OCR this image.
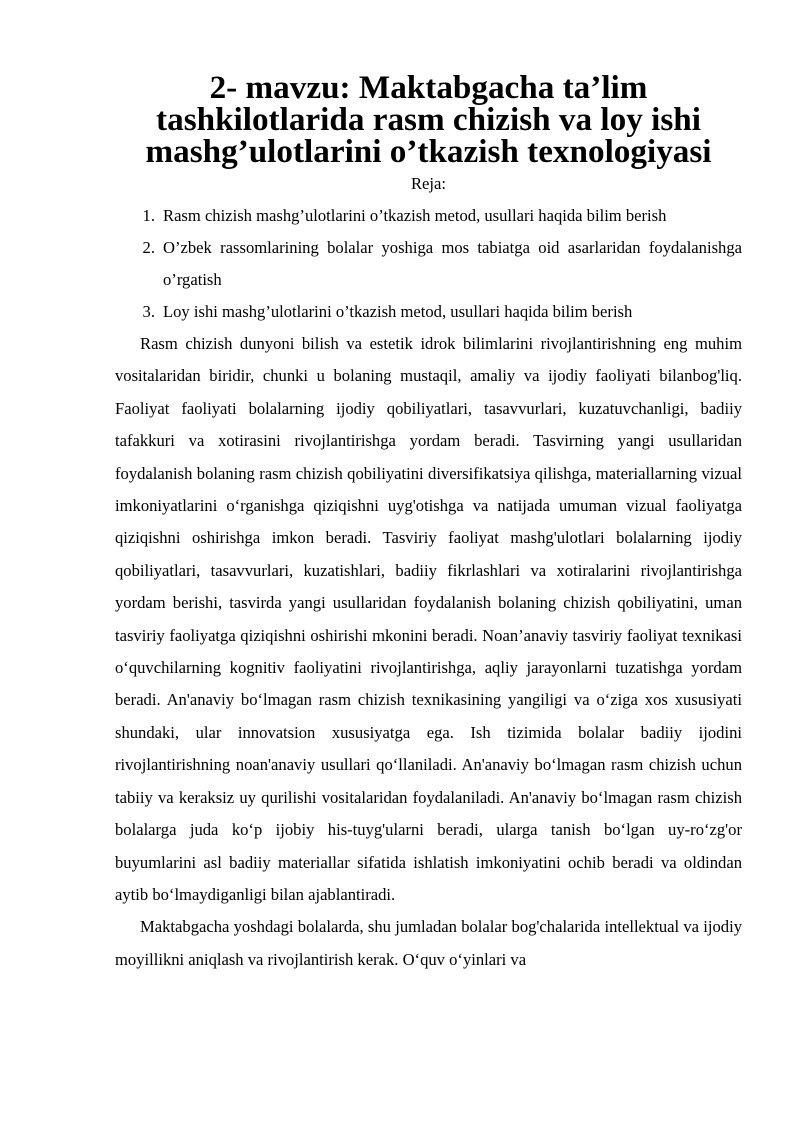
2- mavzu: Maktabgacha ta’lim tashkilotlarida rasm chizish va loy ishi mashg’ulotlarini o’tkazish texnologiyasi
Reja:
1. Rasm chizish mashg’ulotlarini o’tkazish metod, usullari haqida bilim berish
2. O’zbek rassomlarining bolalar yoshiga mos tabiatga oid asarlaridan foydalanishga o’rgatish
3. Loy ishi mashg’ulotlarini o’tkazish metod, usullari haqida bilim berish

Rasm chizish dunyoni bilish va estetik idrok bilimlarini rivojlantirishning eng muhim vositalaridan biridir, chunki u bolaning mustaqil, amaliy va ijodiy faoliyati bilanbog'liq. Faoliyat faoliyati bolalarning ijodiy qobiliyatlari, tasavvurlari, kuzatuvchanligi, badiiy tafakkuri va xotirasini rivojlantirishga yordam beradi. Tasvirning yangi usullaridan foydalanish bolaning rasm chizish qobiliyatini diversifikatsiya qilishga, materiallarning vizual imkoniyatlarini o‘rganishga qiziqishni uyg'otishga va natijada umuman vizual faoliyatga qiziqishni oshirishga imkon beradi. Tasviriy faoliyat mashg'ulotlari bolalarning ijodiy qobiliyatlari, tasavvurlari, kuzatishlari, badiiy fikrlashlari va xotiralarini rivojlantirishga yordam berishi, tasvirda yangi usullaridan foydalanish bolaning chizish qobiliyatini, uman tasviriy faoliyatga qiziqishni oshirishi mkonini beradi. Noan’anaviy tasviriy faoliyat texnikasi o‘quvchilarning kognitiv faoliyatini rivojlantirishga, aqliy jarayonlarni tuzatishga yordam beradi. An'anaviy bo‘lmagan rasm chizish texnikasining yangiligi va o‘ziga xos xususiyati shundaki, ular innovatsion xususiyatga ega. Ish tizimida bolalar badiiy ijodini rivojlantirishning noan'anaviy usullari qo‘llaniladi. An'anaviy bo‘lmagan rasm chizish uchun tabiiy va keraksiz uy qurilishi vositalaridan foydalaniladi. An'anaviy bo‘lmagan rasm chizish bolalarga juda ko‘p ijobiy his-tuyg'ularni beradi, ularga tanish bo‘lgan uy-ro‘zg'or buyumlarini asl badiiy materiallar sifatida ishlatish imkoniyatini ochib beradi va oldindan aytib bo‘lmaydiganligi bilan ajablantiradi.

Maktabgacha yoshdagi bolalarda, shu jumladan bolalar bog'chalarida intellektual va ijodiy moyillikni aniqlash va rivojlantirish kerak. O‘quv o‘yinlari va
